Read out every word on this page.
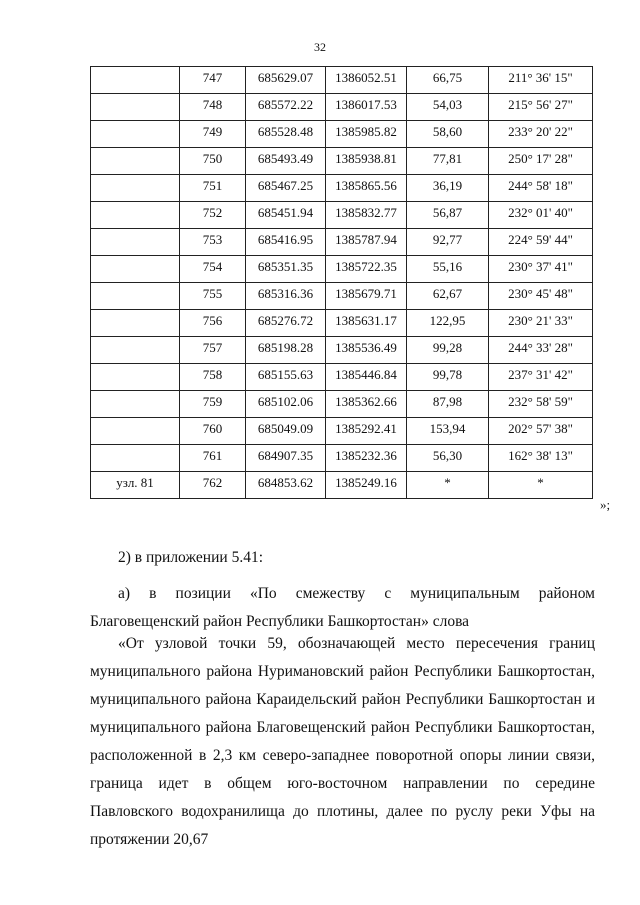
32
	747	685629.07	1386052.51	66,75	211° 36' 15"
	748	685572.22	1386017.53	54,03	215° 56' 27"
	749	685528.48	1385985.82	58,60	233° 20' 22"
	750	685493.49	1385938.81	77,81	250° 17' 28"
	751	685467.25	1385865.56	36,19	244° 58' 18"
	752	685451.94	1385832.77	56,87	232° 01' 40"
	753	685416.95	1385787.94	92,77	224° 59' 44"
	754	685351.35	1385722.35	55,16	230° 37' 41"
	755	685316.36	1385679.71	62,67	230° 45' 48"
	756	685276.72	1385631.17	122,95	230° 21' 33"
	757	685198.28	1385536.49	99,28	244° 33' 28"
	758	685155.63	1385446.84	99,78	237° 31' 42"
	759	685102.06	1385362.66	87,98	232° 58' 59"
	760	685049.09	1385292.41	153,94	202° 57' 38"
	761	684907.35	1385232.36	56,30	162° 38' 13"
узл. 81	762	684853.62	1385249.16	*	*
»;

2) в приложении 5.41:

а) в позиции «По смежеству с муниципальным районом Благовещенский район Республики Башкортостан» слова

«От узловой точки 59, обозначающей место пересечения границ муниципального района Нуримановский район Республики Башкортостан, муниципального района Караидельский район Республики Башкортостан и муниципального района Благовещенский район Республики Башкортостан, расположенной в 2,3 км северо-западнее поворотной опоры линии связи, граница идет в общем юго-восточном направлении по середине Павловского водохранилища до плотины, далее по руслу реки Уфы на протяжении 20,67
